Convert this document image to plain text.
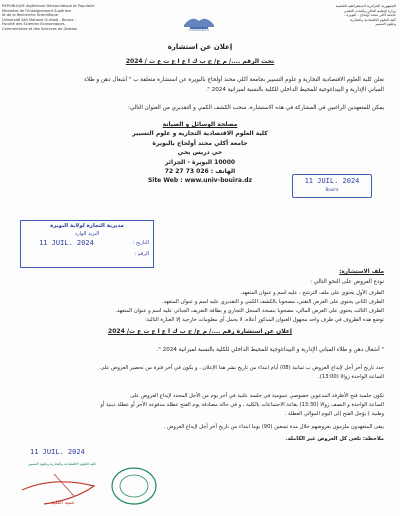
REPUBLIQUE Algérienne Démocratique et Populaire
Ministère de l'Enseignement Supérieur
et de la Recherche Scientifique
Université Akli Mohand Oulhadj - Bouira -
Faculté des Sciences Economiques,
Commerciales et des Sciences de Gestion
الجمهورية الجزائرية الديمقراطية الشعبية
وزارة التعليم العالي والبحث العلمي
جامعة أكلي محند أولحاج - البويرة -
كلية العلوم الاقتصادية والتجارية
وعلوم التسيير
ⵜⴰⵙⴷⴰⵡⵉⵜ
إعلان عن استشارة
تحت الرقم ..../ م ع/ ج ب ك ا ع ا ع ت ع ت / 2024
تعلن كلية العلوم الاقتصادية التجارية و علوم التسيير بجامعة أكلي محند أولحاج بالبويرة عن استشارة متعلقة ب " أشغال دهن و طلاء
المباني الإدارية و البيداغوجية للمحيط الداخلي للكلية بالنسبة لميزانية 2024 ".
يمكن للمتعهدين الراغبين في المشاركة في هذه الاستشارة، سحب الكشف الكمي و التقديري من العنوان التالي:
مصلحة الوسائل و الصيانة
كلية العلوم الاقتصادية التجارية و علوم التسيير
جامعة أكلي محند أولحاج بالبويرة
حي دريس يحي
10000 البويرة - الجزائر
الهاتف : 026 73 27 72
Site Web : www.univ-bouira.dz	11 JUIL. 2024
Bouira
مديرية التجارة لولاية البويرة
البريد الوارد
11 JUIL. 2024	التاريخ :
الرقم :
ملف الاستشارة:
تودع العروض على النحو التالي :
الظرف الأول يحتوي على ملف الترشح ، عليه اسم و عنوان المتعهد.
الظرف الثاني يحتوي على العرض التقني، مصحوبا بالكشف الكمي و التقديري عليه اسم و عنوان المتعهد.
الظرف الثالث يحتوي على العرض المالي، مصحوبا بنسخة السجل التجاري و بطاقة التعريف الجبائي عليه اسم و عنوان المتعهد.
توضع هذه الظروف في ظرف واحد مجهول العنوان المذكور أعلاه، لا يحمل أي معلومات خارجية إلا العبارة التالية:
إعلان عن استشارة رقم ..../ م ع/ ج ب ك ا ع ا ع ت ع ت/ 2024
" أشغال دهن و طلاء المباني الإدارية و البيداغوجية للمحيط الداخلي للكلية بالنسبة لميزانية 2024 ".
حدد تاريخ آخر أجل لإيداع العروض ب ثمانية (08) أيام ابتداء من تاريخ نشر هذا الإعلان ، و يكون في آخر فترة من تحضير العروض على
الساعة الواحدة زوالا (13:00).
تكون جلسة فتح الأظرفة المدعوين خصوصي عمومية في جلسة علنية في آخر يوم من الأجل المحدد لإيداع العروض على
الساعة الواحدة و النصف زوالا (13:30) بقاعة الاجتماعات بالكلية ، و في حالة مصادفة يوم الفتح عطلة مدفوعة الأجر أو عطلة دينية أو
وطنية ) يؤجل الفتح إلى اليوم الموالي العطلة .
يبقى المتعهدون ملزمون بعروضهم خلال مدة تسعين (90) يوما ابتداء من تاريخ آخر أجل لإيداع العروض .
ملاحظة: تلغى كل العروض غير الكاملة.
11 JUIL. 2024
كلية العلوم الاقتصادية والتجارية وعلوم التسيير
عميد الكلية
